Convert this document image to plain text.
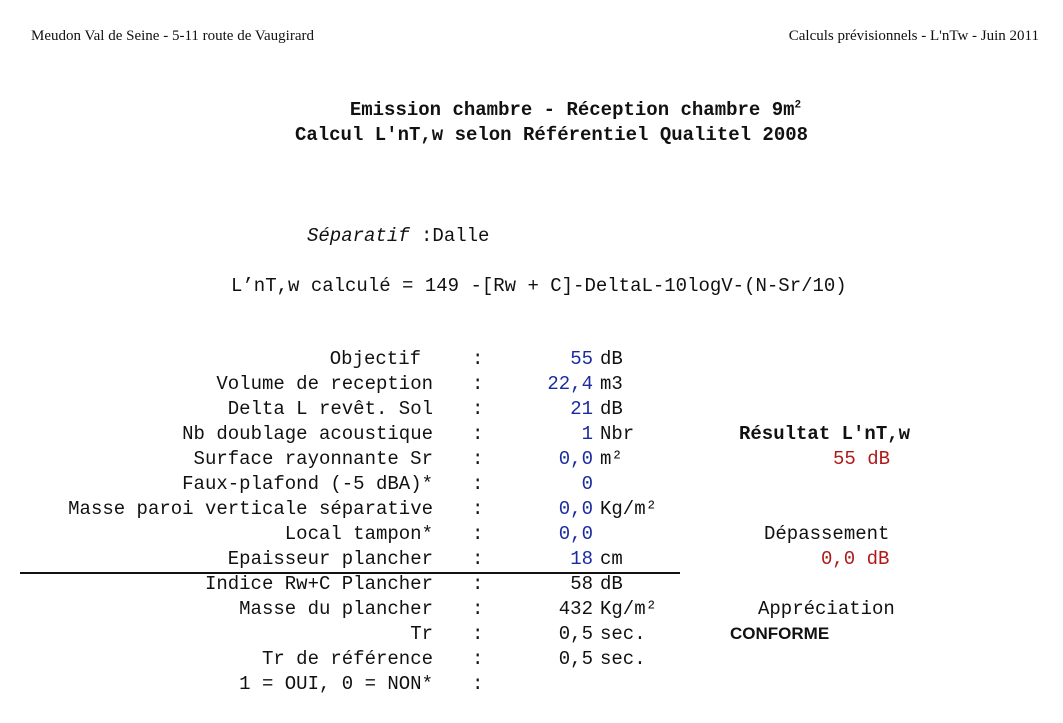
Meudon Val de Seine - 5-11 route de Vaugirard	Calculs prévisionnels - L'nTw - Juin 2011
Emission chambre - Réception chambre $9m^2$
Calcul L'nT,w selon Référentiel Qualitel 2008
Séparatif :Dalle
L’nT,w calculé = 149 -[Rw + C]-DeltaL-10logV-(N-Sr/10)
Objectif	:	55 dB
Volume de reception :	22,4 m3
Delta L revêt. Sol :	21 dB
Nb doublage acoustique :	1 Nbr
Surface rayonnante Sr :	0,0 m²
Faux-plafond (-5 dBA)* :	0
Masse paroi verticale séparative :	0,0 Kg/m²
Local tampon* :	0,0
Epaisseur plancher :	18 cm
Indice Rw+C Plancher :	58 dB
Masse du plancher :	432 Kg/m²
Tr :	0,5 sec.
Tr de référence :	0,5 sec.
1 = OUI, 0 = NON* :
Résultat L'nT,w
55 dB
Dépassement
0,0 dB
Appréciation
CONFORME
